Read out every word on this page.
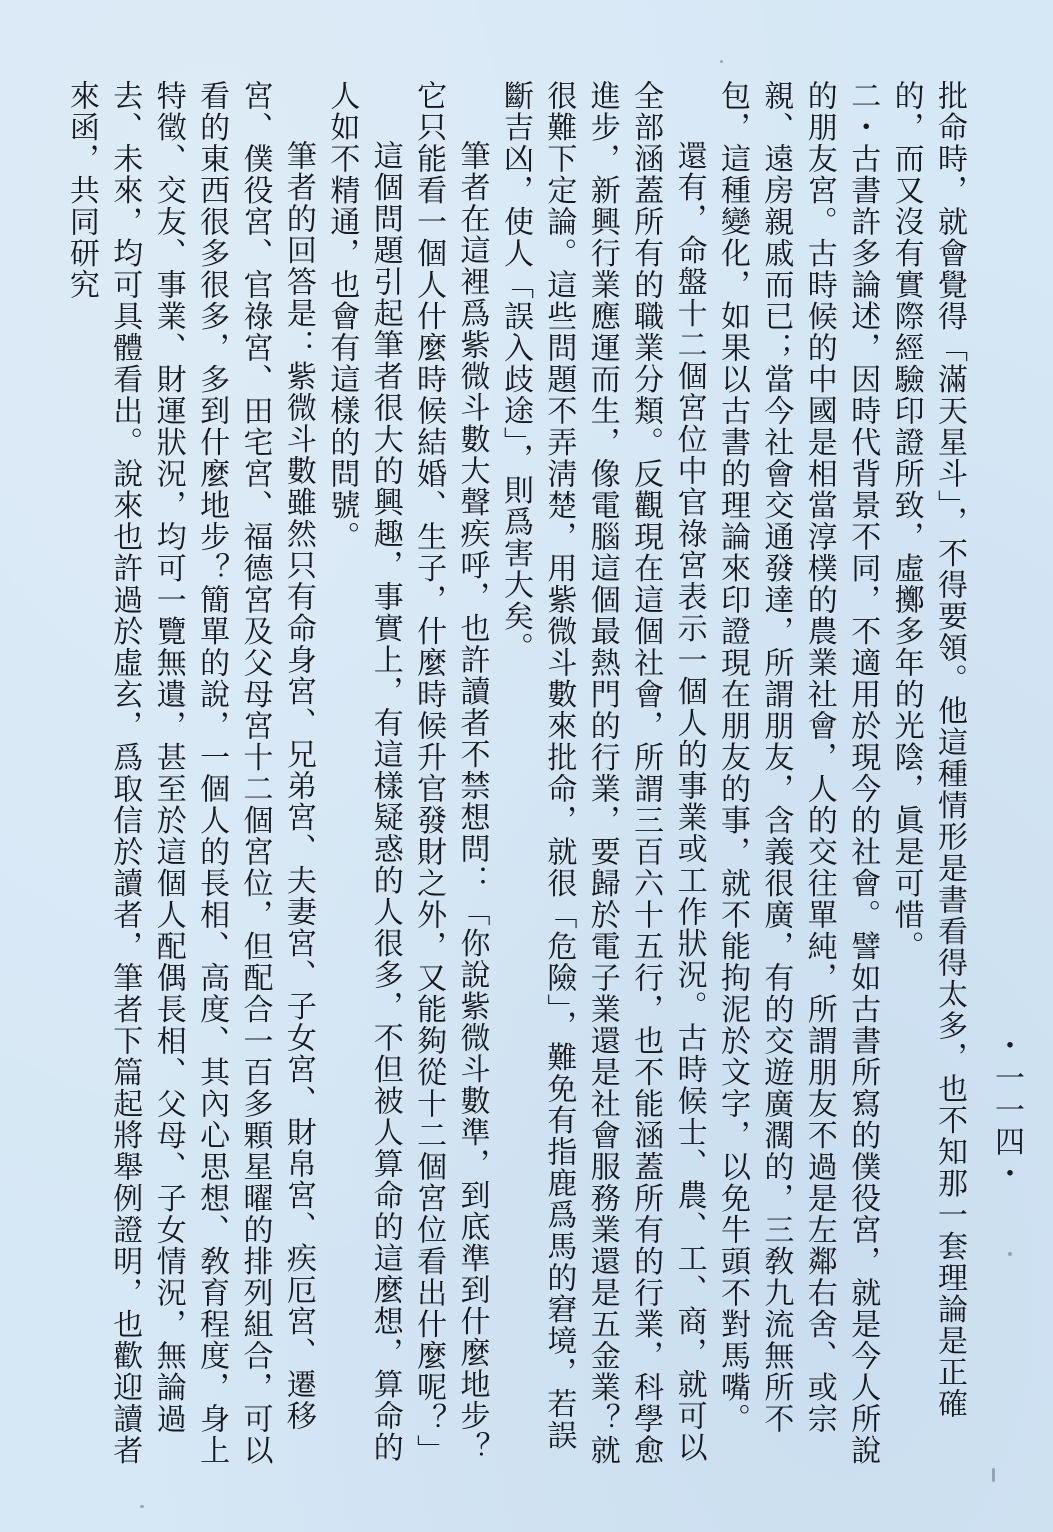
・一一四・

批命時，就會覺得「滿天星斗」，不得要領。他這種情形是書看得太多，也不知那一套理論是正確的，而又沒有實際經驗印證所致，虛擲多年的光陰，眞是可惜。

二・古書許多論述，因時代背景不同，不適用於現今的社會。譬如古書所寫的僕役宮，就是今人所說的朋友宮。古時候的中國是相當淳樸的農業社會，人的交往單純，所謂朋友不過是左鄰右舍、或宗親、遠房親戚而已；當今社會交通發達，所謂朋友，含義很廣，有的交遊廣濶的，三敎九流無所不包，這種變化，如果以古書的理論來印證現在朋友的事，就不能拘泥於文字，以免牛頭不對馬嘴。

還有，命盤十二個宮位中官祿宮表示一個人的事業或工作狀況。古時候士、農、工、商，就可以全部涵蓋所有的職業分類。反觀現在這個社會，所謂三百六十五行，也不能涵蓋所有的行業，科學愈進步，新興行業應運而生，像電腦這個最熱門的行業，要歸於電子業還是社會服務業還是五金業？就很難下定論。這些問題不弄淸楚，用紫微斗數來批命，就很「危險」，難免有指鹿爲馬的窘境，若誤斷吉凶，使人「誤入歧途」，則爲害大矣。

筆者在這裡爲紫微斗數大聲疾呼，也許讀者不禁想問：「你說紫微斗數準，到底準到什麼地步？它只能看一個人什麼時候結婚、生子，什麼時候升官發財之外，又能夠從十二個宮位看出什麼呢？」

這個問題引起筆者很大的興趣，事實上，有這樣疑惑的人很多，不但被人算命的這麼想，算命的人如不精通，也會有這樣的問號。

筆者的回答是：紫微斗數雖然只有命身宮、兄弟宮、夫妻宮、子女宮、財帛宮、疾厄宮、遷移宮、僕役宮、官祿宮、田宅宮、福德宮及父母宮十二個宮位，但配合一百多顆星曜的排列組合，可以看的東西很多很多，多到什麼地步？簡單的說，一個人的長相、高度、其內心思想、敎育程度，身上特徵、交友、事業、財運狀況，均可一覽無遺，甚至於這個人配偶長相、父母、子女情況，無論過去、未來，均可具體看出。說來也許過於虛玄，爲取信於讀者，筆者下篇起將舉例證明，也歡迎讀者來函，共同研究
